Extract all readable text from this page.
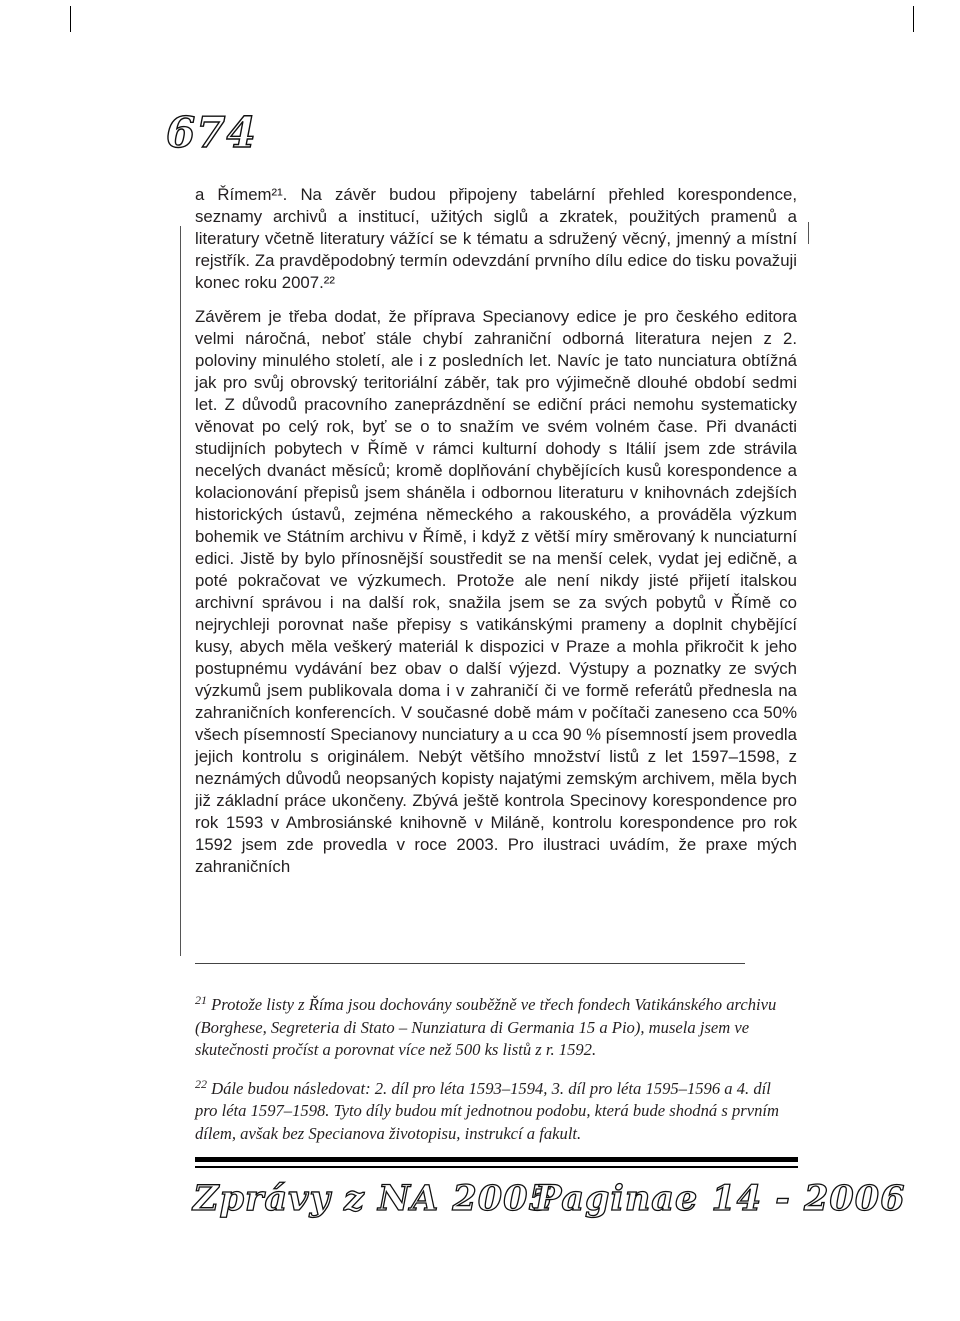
674

a Římem²¹. Na závěr budou připojeny tabelární přehled korespondence, seznamy archivů a institucí, užitých siglů a zkratek, použitých pramenů a literatury včetně literatury vážící se k tématu a sdružený věcný, jmenný a místní rejstřík. Za pravděpodobný termín odevzdání prvního dílu edice do tisku považuji konec roku 2007.²²

Závěrem je třeba dodat, že příprava Specianovy edice je pro českého editora velmi náročná, neboť stále chybí zahraniční odborná literatura nejen z 2. poloviny minulého století, ale i z posledních let. Navíc je tato nunciatura obtížná jak pro svůj obrovský teritoriální záběr, tak pro výjimečně dlouhé období sedmi let. Z důvodů pracovního zaneprázdnění se ediční práci nemohu systematicky věnovat po celý rok, byť se o to snažím ve svém volném čase. Při dvanácti studijních pobytech v Římě v rámci kulturní dohody s Itálií jsem zde strávila necelých dvanáct měsíců; kromě doplňování chybějících kusů korespondence a kolacionování přepisů jsem sháněla i odbornou literaturu v knihovnách zdejších historických ústavů, zejména německého a rakouského, a prováděla výzkum bohemik ve Státním archivu v Římě, i když z větší míry směrovaný k nunciaturní edici. Jistě by bylo přínosnější soustředit se na menší celek, vydat jej edičně, a poté pokračovat ve výzkumech. Protože ale není nikdy jisté přijetí italskou archivní správou i na další rok, snažila jsem se za svých pobytů v Římě co nejrychleji porovnat naše přepisy s vatikánskými prameny a doplnit chybějící kusy, abych měla veškerý materiál k dispozici v Praze a mohla přikročit k jeho postupnému vydávání bez obav o další výjezd. Výstupy a poznatky ze svých výzkumů jsem publikovala doma i v zahraničí či ve formě referátů přednesla na zahraničních konferencích. V současné době mám v počítači zaneseno cca 50% všech písemností Specianovy nunciatury a u cca 90 % písemností jsem provedla jejich kontrolu s originálem. Nebýt většího množství listů z let 1597–1598, z neznámých důvodů neopsaných kopisty najatými zemským archivem, měla bych již základní práce ukončeny. Zbývá ještě kontrola Specinovy korespondence pro rok 1593 v Ambrosiánské knihovně v Miláně, kontrolu korespondence pro rok 1592 jsem zde provedla v roce 2003. Pro ilustraci uvádím, že praxe mých zahraničních

$^{21}$ Protože listy z Říma jsou dochovány souběžně ve třech fondech Vatikánského archivu (Borghese, Segreteria di Stato – Nunziatura di Germania 15 a Pio), musela jsem ve skutečnosti pročíst a porovnat více než 500 ks listů z r. 1592.

$^{22}$ Dále budou následovat: 2. díl pro léta 1593–1594, 3. díl pro léta 1595–1596 a 4. díl pro léta 1597–1598. Tyto díly budou mít jednotnou podobu, která bude shodná s prvním dílem, avšak bez Specianova životopisu, instrukcí a fakult.

Zprávy z NA 2005
Paginae 14 - 2006
